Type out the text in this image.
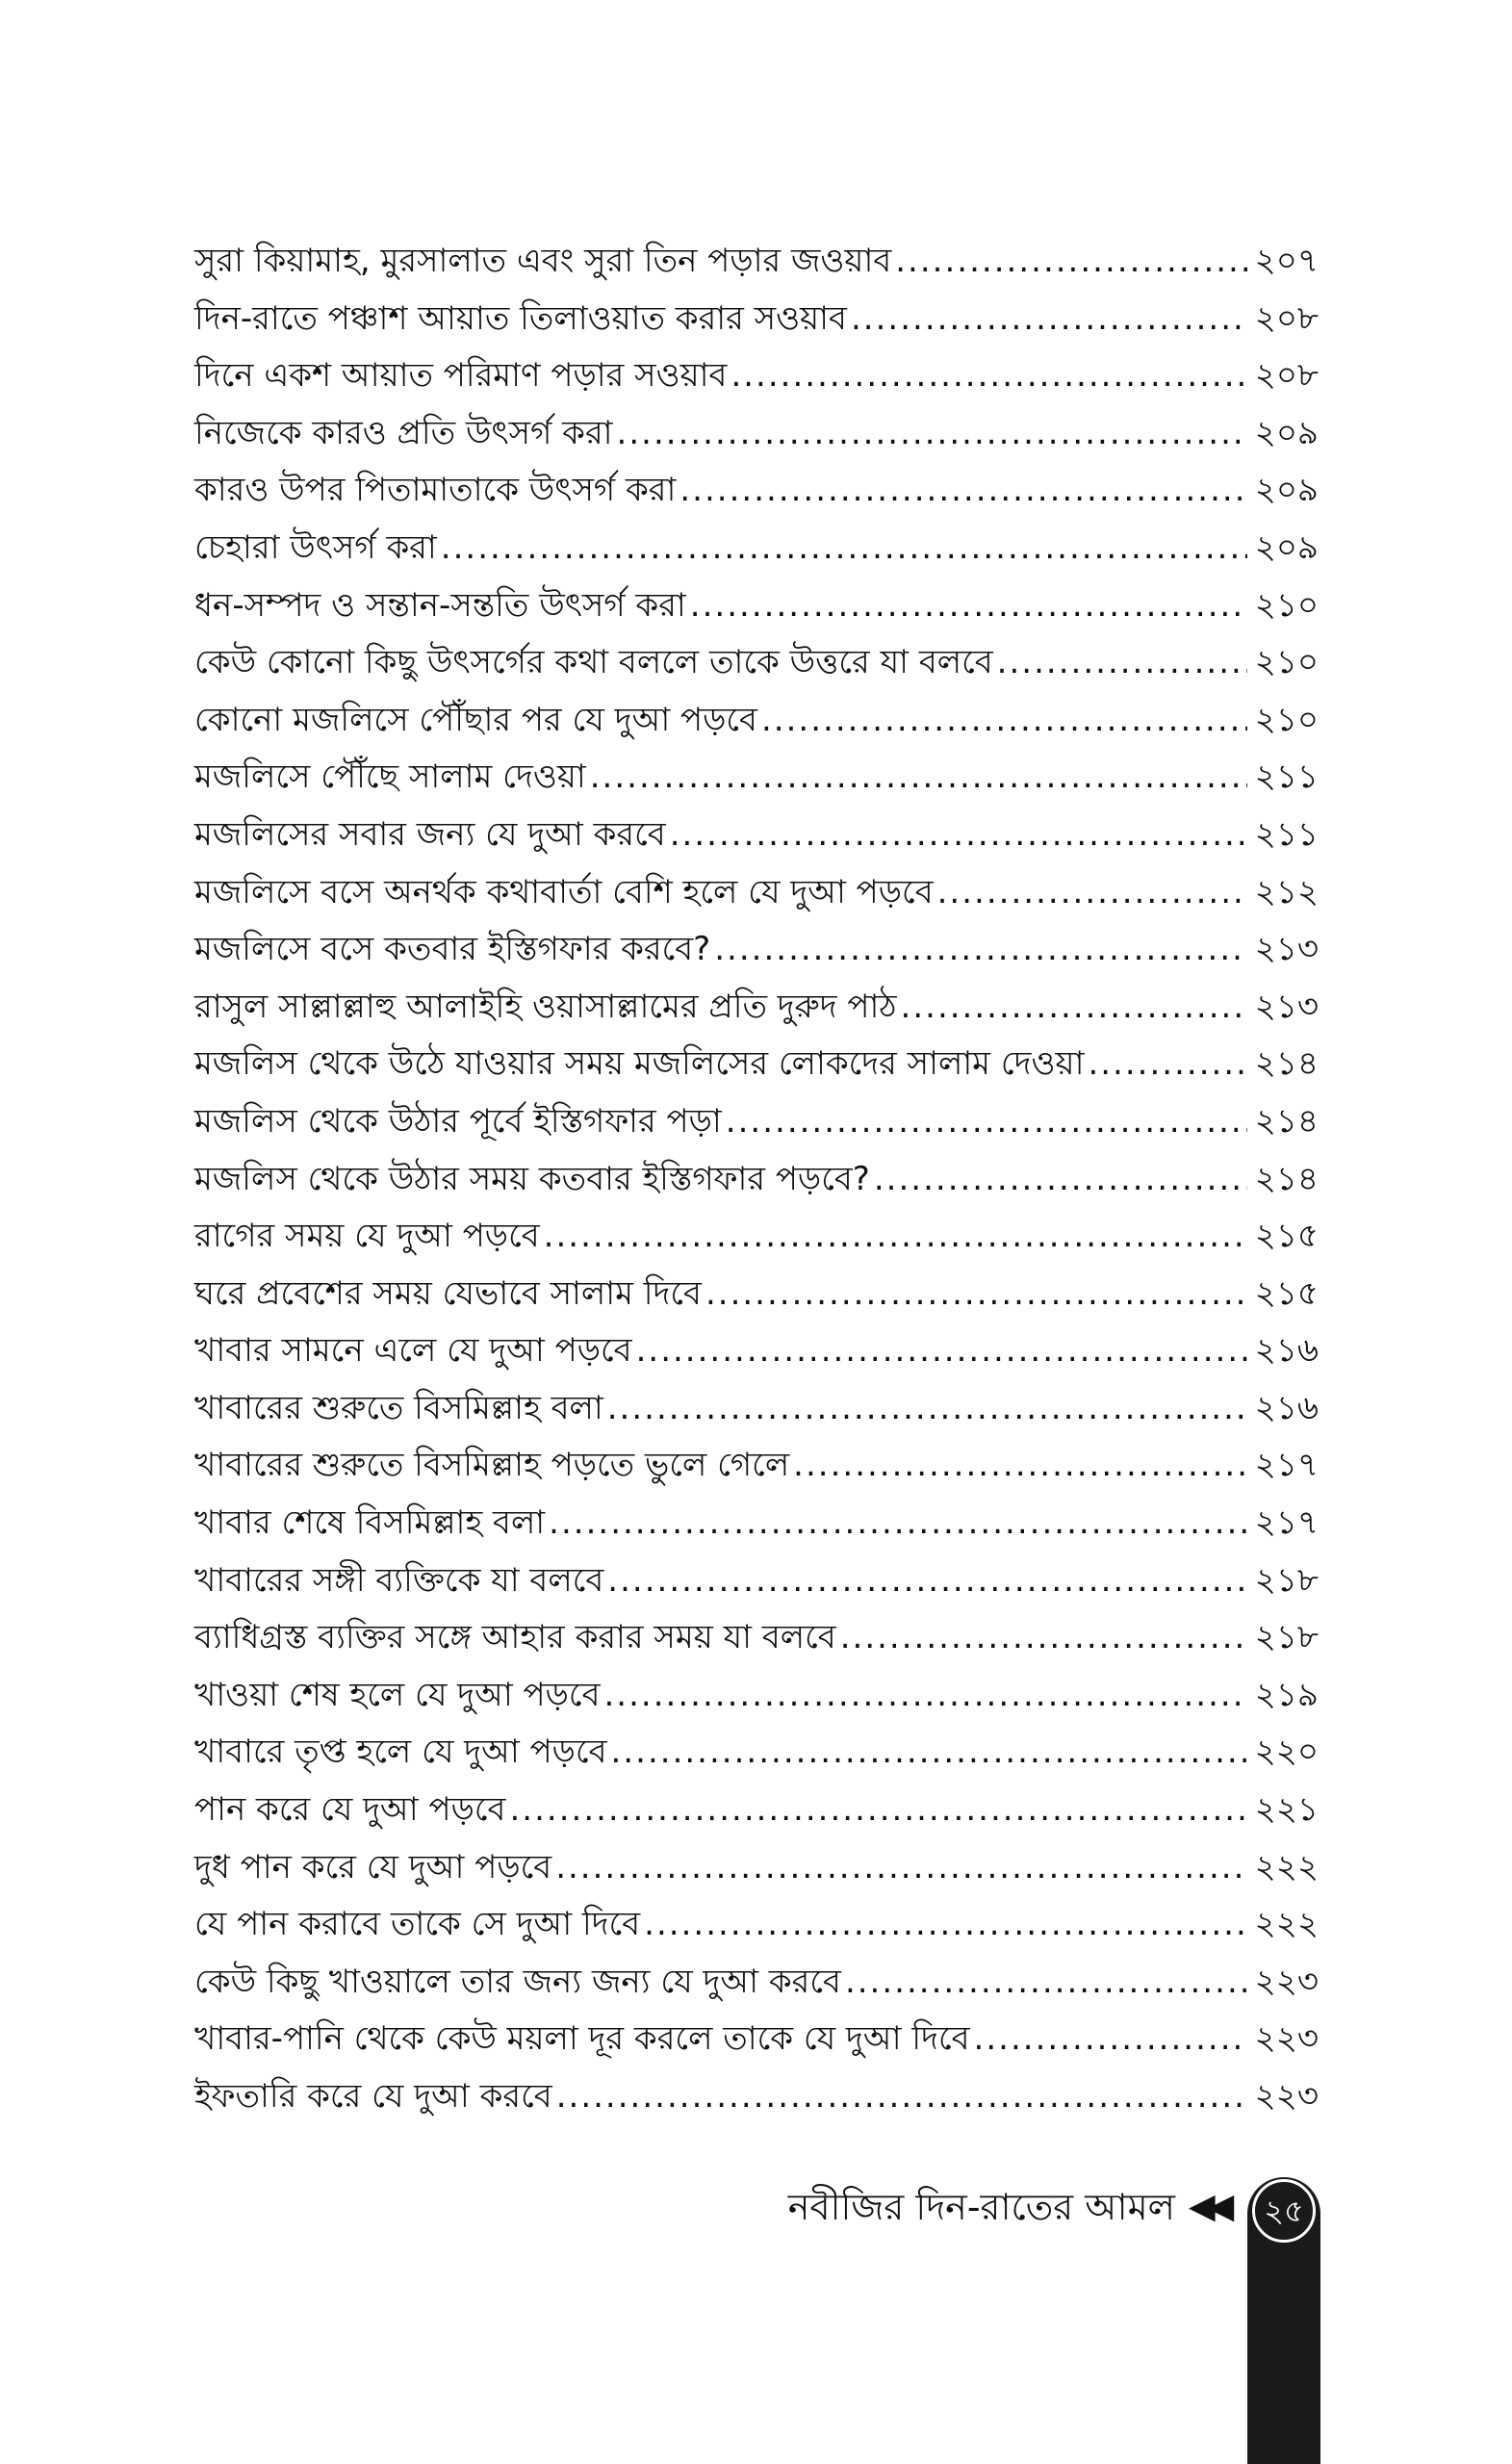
সুরা কিয়ামাহ, মুরসালাত এবং সুরা তিন পড়ার জওয়াব .....	২০৭
দিন-রাতে পঞ্চাশ আয়াত তিলাওয়াত করার সওয়াব .....	২০৮
দিনে একশ আয়াত পরিমাণ পড়ার সওয়াব .....	২০৮
নিজেকে কারও প্রতি উৎসর্গ করা .....	২০৯
কারও উপর পিতামাতাকে উৎসর্গ করা .....	২০৯
চেহারা উৎসর্গ করা .....	২০৯
ধন-সম্পদ ও সন্তান-সন্ততি উৎসর্গ করা .....	২১০
কেউ কোনো কিছু উৎসর্গের কথা বললে তাকে উত্তরে যা বলবে .....	২১০
কোনো মজলিসে পৌঁছার পর যে দুআ পড়বে .....	২১০
মজলিসে পৌঁছে সালাম দেওয়া .....	২১১
মজলিসের সবার জন্য যে দুআ করবে .....	২১১
মজলিসে বসে অনর্থক কথাবার্তা বেশি হলে যে দুআ পড়বে .....	২১২
মজলিসে বসে কতবার ইস্তিগফার করবে? .....	২১৩
রাসুল সাল্লাল্লাহু আলাইহি ওয়াসাল্লামের প্রতি দুরুদ পাঠ .....	২১৩
মজলিস থেকে উঠে যাওয়ার সময় মজলিসের লোকদের সালাম দেওয়া .....	২১৪
মজলিস থেকে উঠার পূর্বে ইস্তিগফার পড়া .....	২১৪
মজলিস থেকে উঠার সময় কতবার ইস্তিগফার পড়বে? .....	২১৪
রাগের সময় যে দুআ পড়বে .....	২১৫
ঘরে প্রবেশের সময় যেভাবে সালাম দিবে .....	২১৫
খাবার সামনে এলে যে দুআ পড়বে .....	২১৬
খাবারের শুরুতে বিসমিল্লাহ বলা .....	২১৬
খাবারের শুরুতে বিসমিল্লাহ পড়তে ভুলে গেলে .....	২১৭
খাবার শেষে বিসমিল্লাহ বলা .....	২১৭
খাবারের সঙ্গী ব্যক্তিকে যা বলবে .....	২১৮
ব্যাধিগ্রস্ত ব্যক্তির সঙ্গে আহার করার সময় যা বলবে .....	২১৮
খাওয়া শেষ হলে যে দুআ পড়বে .....	২১৯
খাবারে তৃপ্ত হলে যে দুআ পড়বে .....	২২০
পান করে যে দুআ পড়বে .....	২২১
দুধ পান করে যে দুআ পড়বে .....	২২২
যে পান করাবে তাকে সে দুআ দিবে .....	২২২
কেউ কিছু খাওয়ালে তার জন্য জন্য যে দুআ করবে .....	২২৩
খাবার-পানি থেকে কেউ ময়লা দূর করলে তাকে যে দুআ দিবে .....	২২৩
ইফতারি করে যে দুআ করবে .....	২২৩
নবীজির দিন-রাতের আমল ◀◀	২৫
